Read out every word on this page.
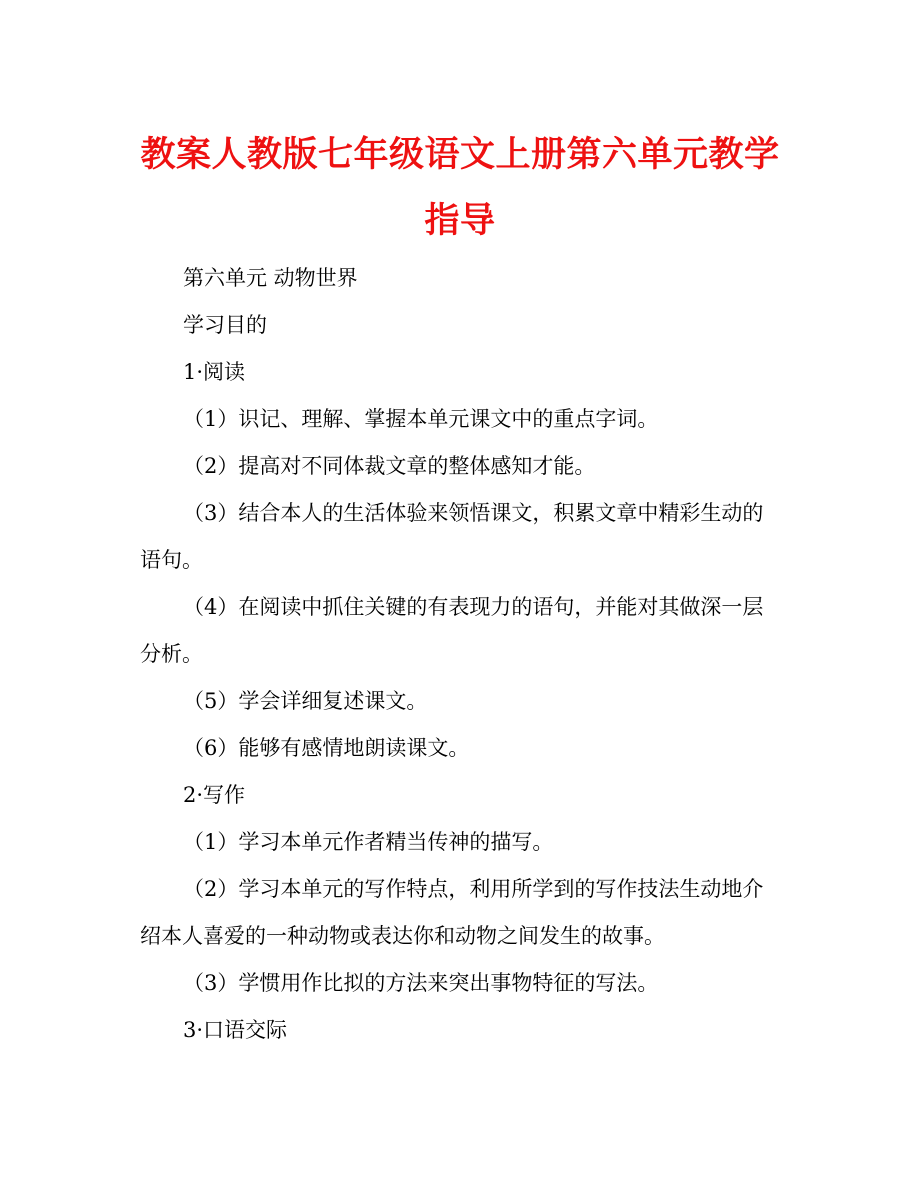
教案人教版七年级语文上册第六单元教学
指导
第六单元 动物世界
学习目的
1·阅读
（1）识记、理解、掌握本单元课文中的重点字词。
（2）提高对不同体裁文章的整体感知才能。
（3）结合本人的生活体验来领悟课文，积累文章中精彩生动的
语句。
（4）在阅读中抓住关键的有表现力的语句，并能对其做深一层
分析。
（5）学会详细复述课文。
（6）能够有感情地朗读课文。
2·写作
（1）学习本单元作者精当传神的描写。
（2）学习本单元的写作特点，利用所学到的写作技法生动地介
绍本人喜爱的一种动物或表达你和动物之间发生的故事。
（3）学惯用作比拟的方法来突出事物特征的写法。
3·口语交际
